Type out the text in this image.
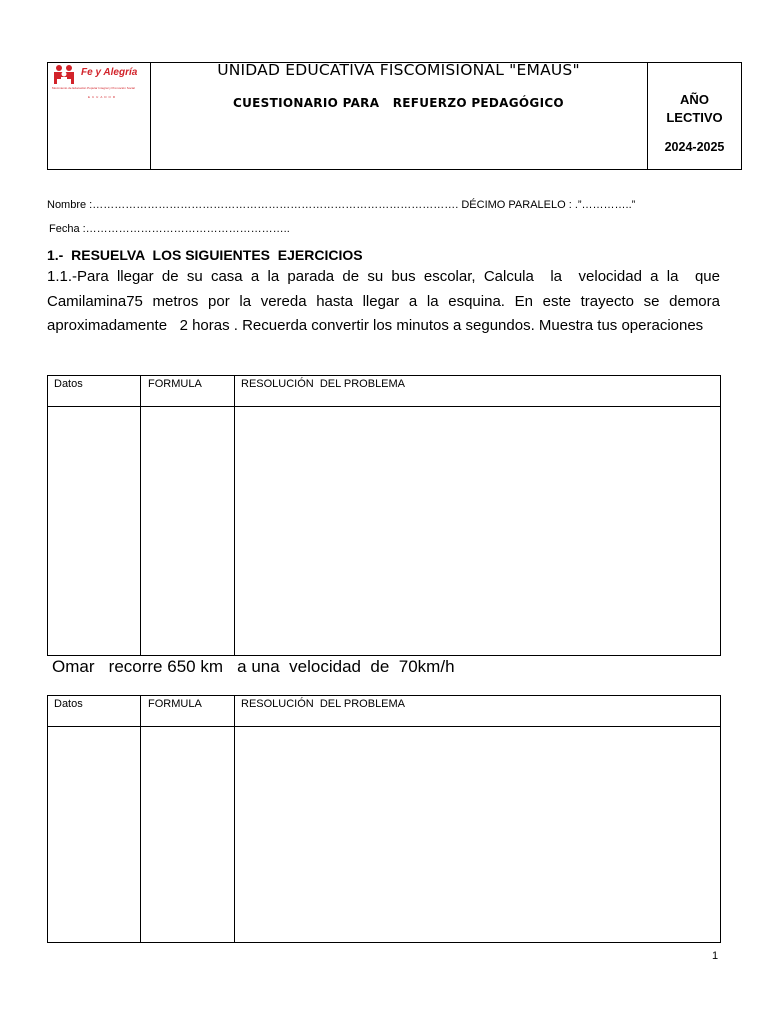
Fe y Alegría
Movimiento de Educación Popular Integral y Promoción Social
ECUADOR
UNIDAD EDUCATIVA FISCOMISIONAL "EMAUS"
CUESTIONARIO PARA   REFUERZO PEDAGÓGICO	AÑO
LECTIVO
2024-2025
Nombre :………………………………………………………………………………………. DÉCIMO PARALELO : .”…………..”
Fecha :………………………………………………..
1.-  RESUELVA  LOS SIGUIENTES  EJERCICIOS
1.1.-Para llegar de su casa a la parada de su bus escolar, Calcula  la  velocidad a la  que Camilamina75 metros por la vereda hasta llegar a la esquina. En este trayecto se demora aproximadamente   2 horas . Recuerda convertir los minutos a segundos. Muestra tus operaciones
Datos	FORMULA	RESOLUCIÓN  DEL PROBLEMA
Omar   recorre 650 km   a una  velocidad  de  70km/h
Datos	FORMULA	RESOLUCIÓN  DEL PROBLEMA
1
